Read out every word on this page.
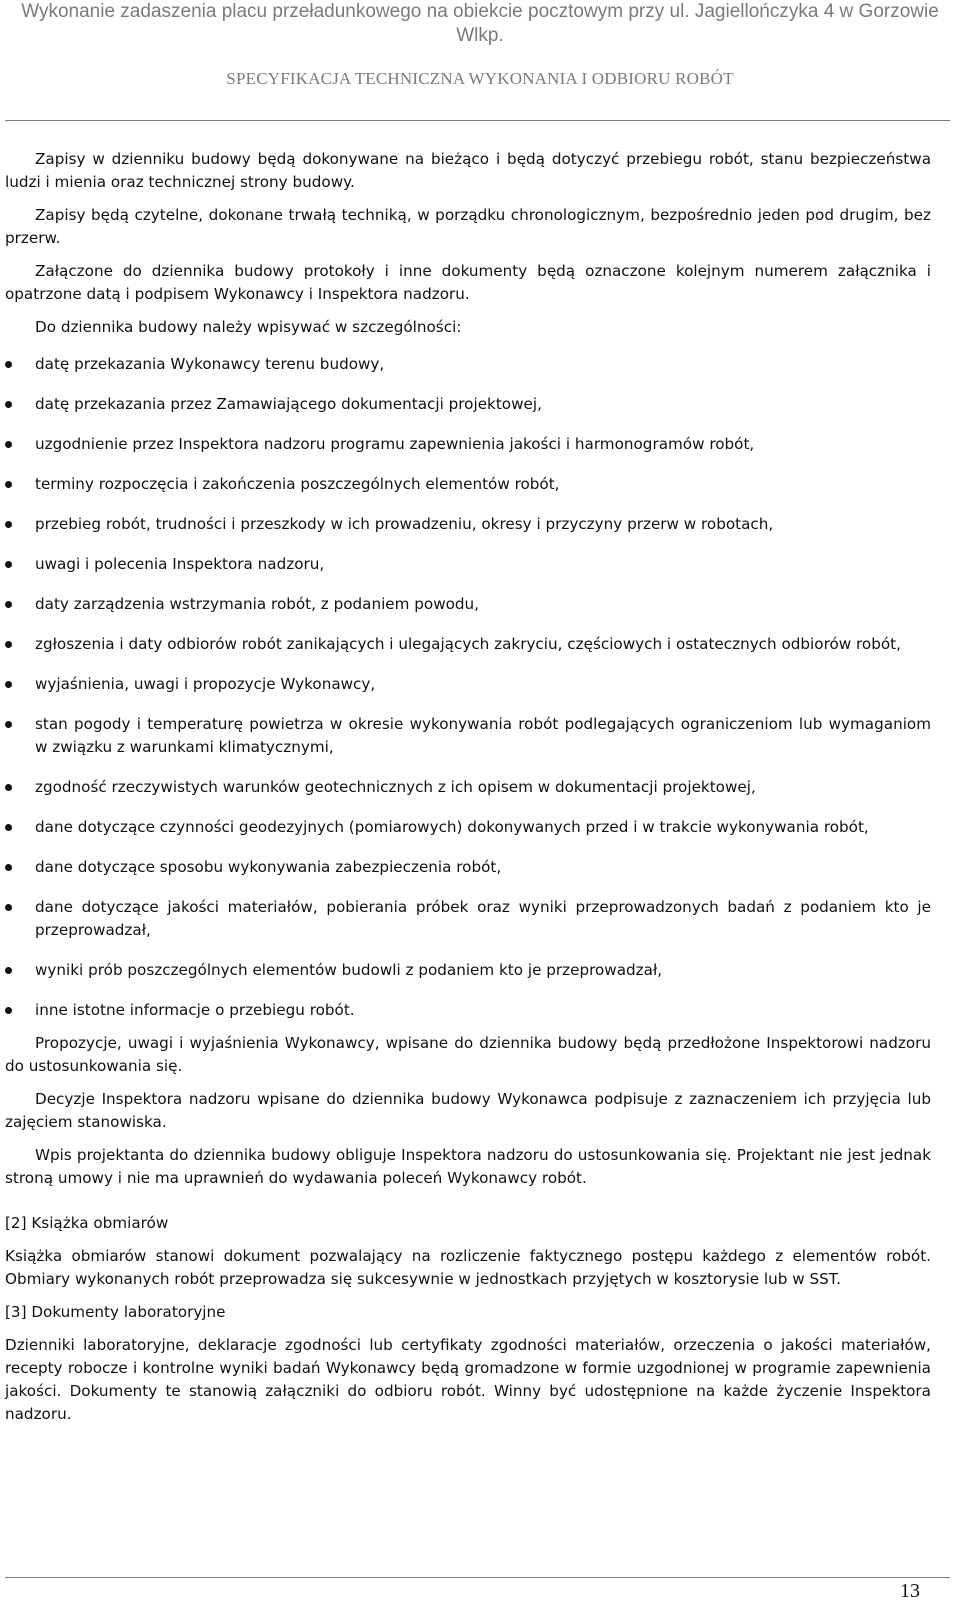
Wykonanie zadaszenia placu przeładunkowego na obiekcie pocztowym przy ul. Jagiellończyka 4 w Gorzowie Wlkp.

SPECYFIKACJA TECHNICZNA WYKONANIA I ODBIORU ROBÓT

Zapisy w dzienniku budowy będą dokonywane na bieżąco i będą dotyczyć przebiegu robót, stanu bezpieczeństwa ludzi i mienia oraz technicznej strony budowy.

Zapisy będą czytelne, dokonane trwałą techniką, w porządku chronologicznym, bezpośrednio jeden pod drugim, bez przerw.

Załączone do dziennika budowy protokoły i inne dokumenty będą oznaczone kolejnym numerem załącznika i opatrzone datą i podpisem Wykonawcy i Inspektora nadzoru.

Do dziennika budowy należy wpisywać w szczególności:

datę przekazania Wykonawcy terenu budowy,
datę przekazania przez Zamawiającego dokumentacji projektowej,
uzgodnienie przez Inspektora nadzoru programu zapewnienia jakości i harmonogramów robót,
terminy rozpoczęcia i zakończenia poszczególnych elementów robót,
przebieg robót, trudności i przeszkody w ich prowadzeniu, okresy i przyczyny przerw w robotach,
uwagi i polecenia Inspektora nadzoru,
daty zarządzenia wstrzymania robót, z podaniem powodu,
zgłoszenia i daty odbiorów robót zanikających i ulegających zakryciu, częściowych i ostatecznych odbiorów robót,
wyjaśnienia, uwagi i propozycje Wykonawcy,
stan pogody i temperaturę powietrza w okresie wykonywania robót podlegających ograniczeniom lub wymaganiom w związku z warunkami klimatycznymi,
zgodność rzeczywistych warunków geotechnicznych z ich opisem w dokumentacji projektowej,
dane dotyczące czynności geodezyjnych (pomiarowych) dokonywanych przed i w trakcie wykonywania robót,
dane dotyczące sposobu wykonywania zabezpieczenia robót,
dane dotyczące jakości materiałów, pobierania próbek oraz wyniki przeprowadzonych badań z podaniem kto je przeprowadzał,
wyniki prób poszczególnych elementów budowli z podaniem kto je przeprowadzał,
inne istotne informacje o przebiegu robót.

Propozycje, uwagi i wyjaśnienia Wykonawcy, wpisane do dziennika budowy będą przedłożone Inspektorowi nadzoru do ustosunkowania się.

Decyzje Inspektora nadzoru wpisane do dziennika budowy Wykonawca podpisuje z zaznaczeniem ich przyjęcia lub zajęciem stanowiska.

Wpis projektanta do dziennika budowy obliguje Inspektora nadzoru do ustosunkowania się. Projektant nie jest jednak stroną umowy i nie ma uprawnień do wydawania poleceń Wykonawcy robót.

[2] Książka obmiarów

Książka obmiarów stanowi dokument pozwalający na rozliczenie faktycznego postępu każdego z elementów robót. Obmiary wykonanych robót przeprowadza się sukcesywnie w jednostkach przyjętych w kosztorysie lub w SST.

[3] Dokumenty laboratoryjne

Dzienniki laboratoryjne, deklaracje zgodności lub certyfikaty zgodności materiałów, orzeczenia o jakości materiałów, recepty robocze i kontrolne wyniki badań Wykonawcy będą gromadzone w formie uzgodnionej w programie zapewnienia jakości. Dokumenty te stanowią załączniki do odbioru robót. Winny być udostępnione na każde życzenie Inspektora nadzoru.

13
